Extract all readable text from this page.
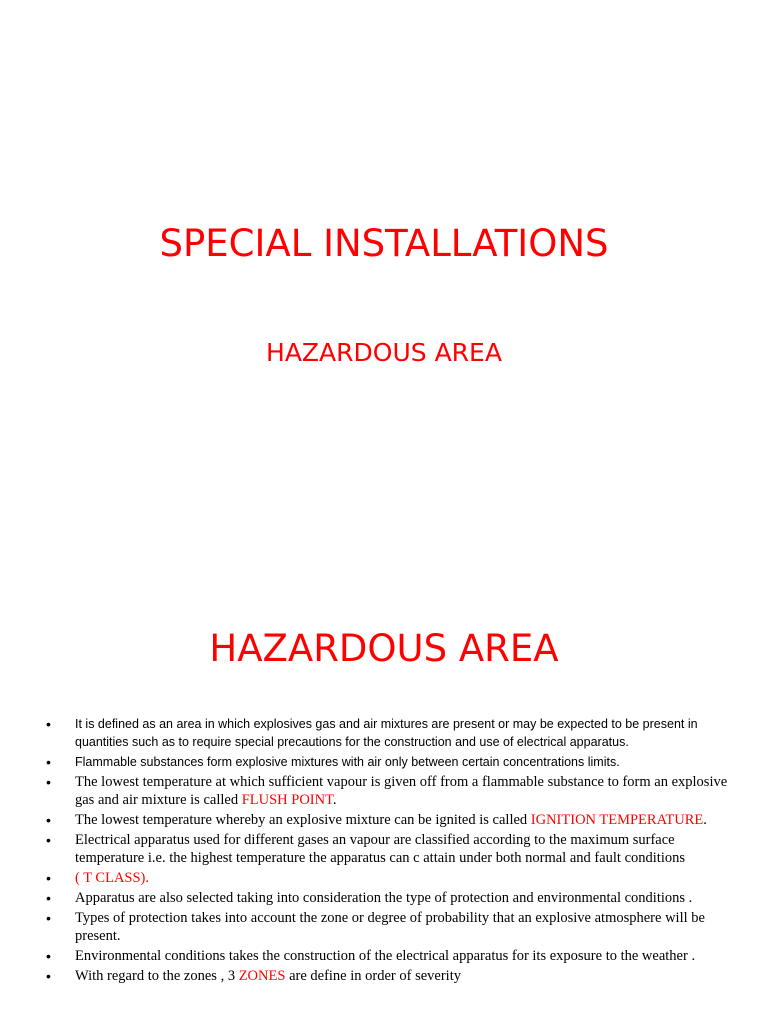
SPECIAL INSTALLATIONS
HAZARDOUS AREA
HAZARDOUS AREA
• It is defined as an area in which explosives gas and air mixtures are present or may be expected to be present in quantities such as to require special precautions for the construction and use of electrical apparatus.
• Flammable substances form explosive mixtures with air only between certain concentrations limits.
• The lowest temperature at which sufficient vapour is given off from a flammable substance to form an explosive gas and air mixture is called FLUSH POINT.
• The lowest temperature whereby an explosive mixture can be ignited is called IGNITION TEMPERATURE.
• Electrical apparatus used for different gases an vapour are classified according to the maximum surface temperature i.e. the highest temperature the apparatus can c attain under both normal and fault conditions
• ( T CLASS).
• Apparatus are also selected taking into consideration the type of protection and environmental conditions .
• Types of protection takes into account the zone or degree of probability that an explosive atmosphere will be present.
• Environmental conditions takes the construction of the electrical apparatus for its exposure to the weather .
• With regard to the zones , 3 ZONES are define in order of severity
